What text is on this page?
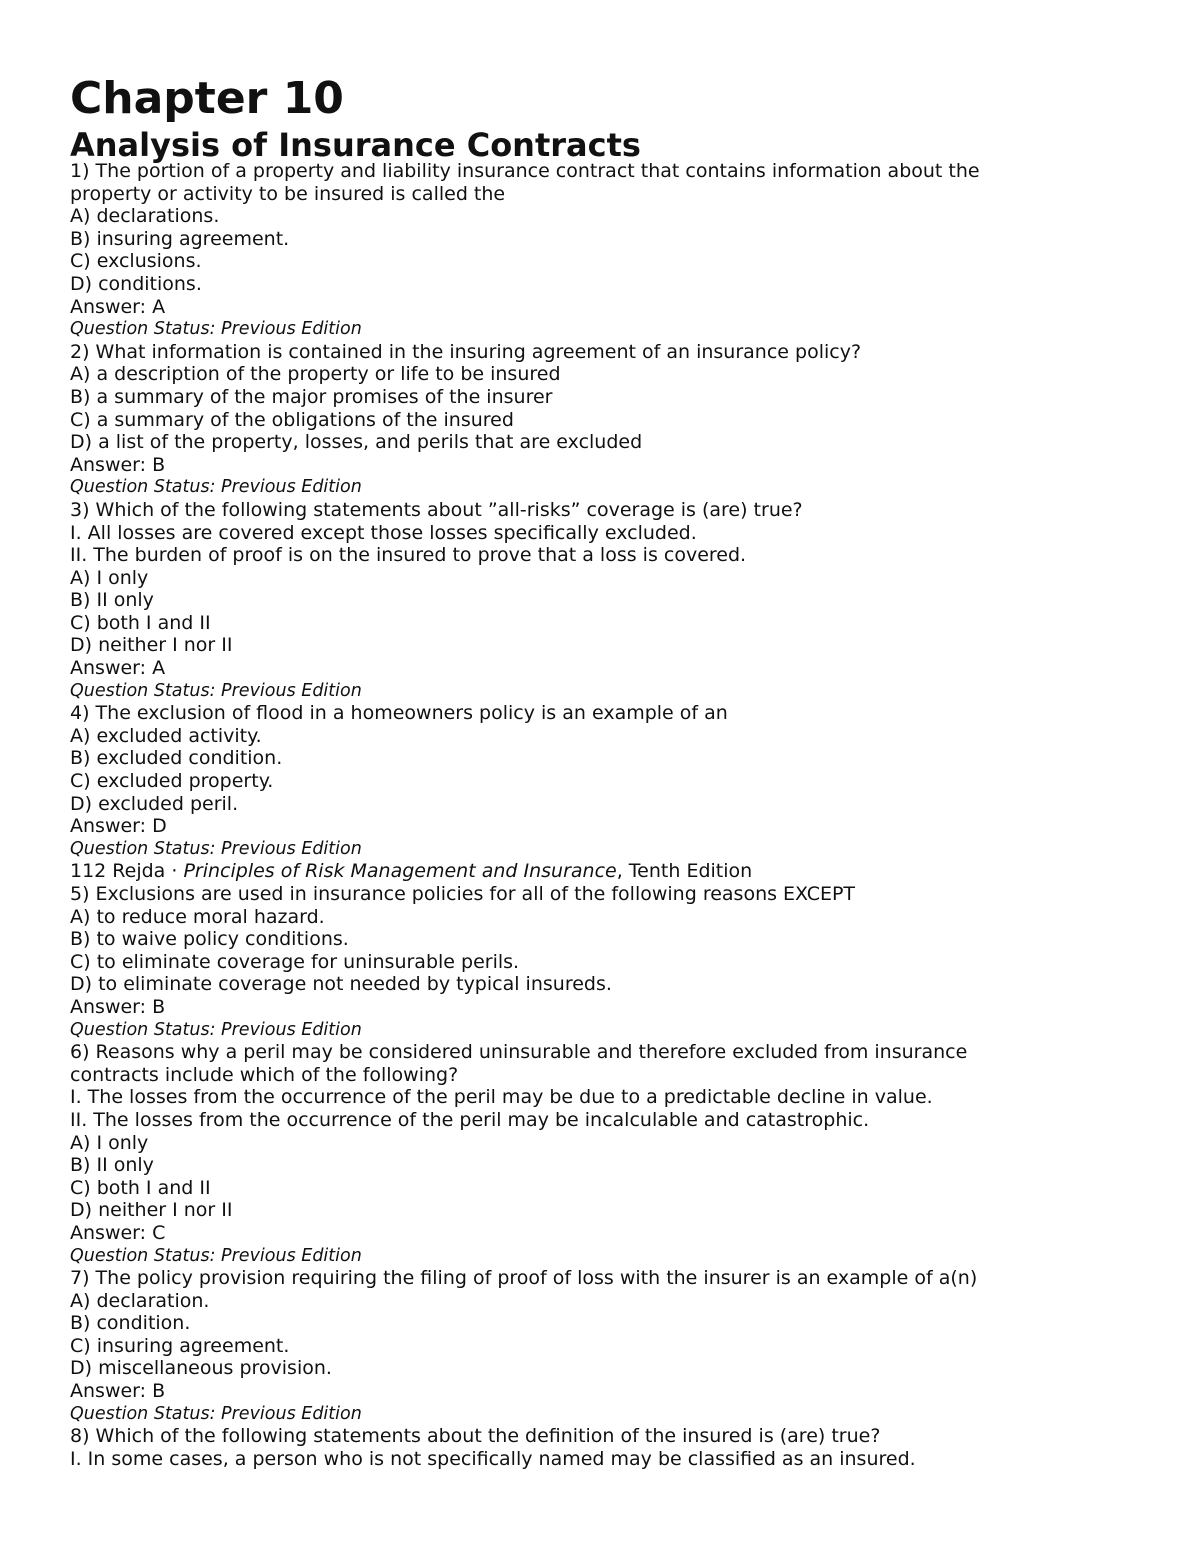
Chapter 10
Analysis of Insurance Contracts
1) The portion of a property and liability insurance contract that contains information about the
property or activity to be insured is called the
A) declarations.
B) insuring agreement.
C) exclusions.
D) conditions.
Answer: A
Question Status: Previous Edition
2) What information is contained in the insuring agreement of an insurance policy?
A) a description of the property or life to be insured
B) a summary of the major promises of the insurer
C) a summary of the obligations of the insured
D) a list of the property, losses, and perils that are excluded
Answer: B
Question Status: Previous Edition
3) Which of the following statements about ”all-risks” coverage is (are) true?
I. All losses are covered except those losses specifically excluded.
II. The burden of proof is on the insured to prove that a loss is covered.
A) I only
B) II only
C) both I and II
D) neither I nor II
Answer: A
Question Status: Previous Edition
4) The exclusion of flood in a homeowners policy is an example of an
A) excluded activity.
B) excluded condition.
C) excluded property.
D) excluded peril.
Answer: D
Question Status: Previous Edition
112 Rejda · Principles of Risk Management and Insurance, Tenth Edition
5) Exclusions are used in insurance policies for all of the following reasons EXCEPT
A) to reduce moral hazard.
B) to waive policy conditions.
C) to eliminate coverage for uninsurable perils.
D) to eliminate coverage not needed by typical insureds.
Answer: B
Question Status: Previous Edition
6) Reasons why a peril may be considered uninsurable and therefore excluded from insurance
contracts include which of the following?
I. The losses from the occurrence of the peril may be due to a predictable decline in value.
II. The losses from the occurrence of the peril may be incalculable and catastrophic.
A) I only
B) II only
C) both I and II
D) neither I nor II
Answer: C
Question Status: Previous Edition
7) The policy provision requiring the filing of proof of loss with the insurer is an example of a(n)
A) declaration.
B) condition.
C) insuring agreement.
D) miscellaneous provision.
Answer: B
Question Status: Previous Edition
8) Which of the following statements about the definition of the insured is (are) true?
I. In some cases, a person who is not specifically named may be classified as an insured.
